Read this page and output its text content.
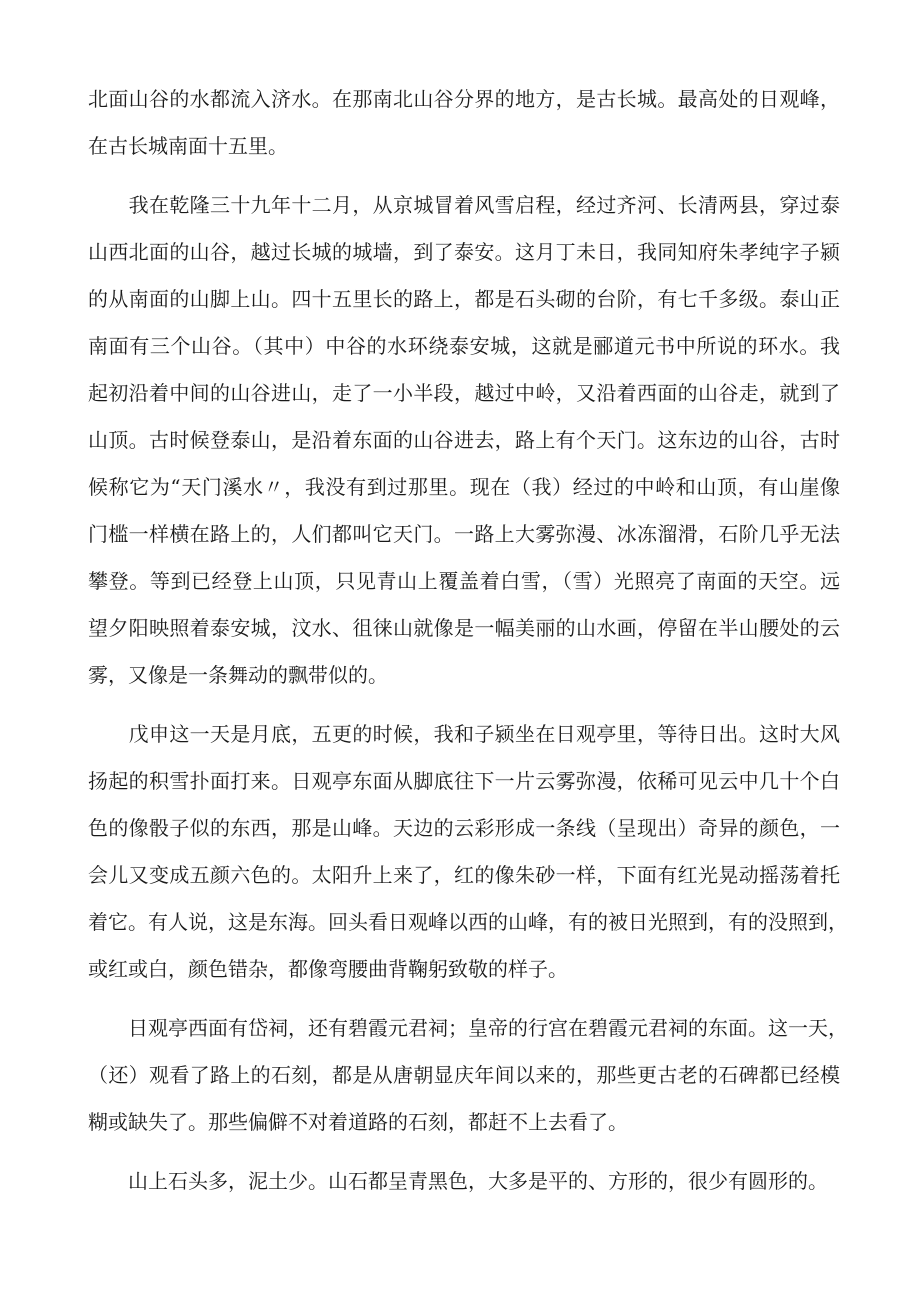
北面山谷的水都流入济水。在那南北山谷分界的地方，是古长城。最高处的日观峰，
在古长城南面十五里。
　　我在乾隆三十九年十二月，从京城冒着风雪启程，经过齐河、长清两县，穿过泰
山西北面的山谷，越过长城的城墙，到了泰安。这月丁未日，我同知府朱孝纯字子颍
的从南面的山脚上山。四十五里长的路上，都是石头砌的台阶，有七千多级。泰山正
南面有三个山谷。（其中）中谷的水环绕泰安城，这就是郦道元书中所说的环水。我
起初沿着中间的山谷进山，走了一小半段，越过中岭，又沿着西面的山谷走，就到了
山顶。古时候登泰山，是沿着东面的山谷进去，路上有个天门。这东边的山谷，古时
候称它为“天门溪水〃，我没有到过那里。现在（我）经过的中岭和山顶，有山崖像
门槛一样横在路上的，人们都叫它天门。一路上大雾弥漫、冰冻溜滑，石阶几乎无法
攀登。等到已经登上山顶，只见青山上覆盖着白雪，（雪）光照亮了南面的天空。远
望夕阳映照着泰安城，汶水、徂徕山就像是一幅美丽的山水画，停留在半山腰处的云
雾，又像是一条舞动的飘带似的。
　　戊申这一天是月底，五更的时候，我和子颍坐在日观亭里，等待日出。这时大风
扬起的积雪扑面打来。日观亭东面从脚底往下一片云雾弥漫，依稀可见云中几十个白
色的像骰子似的东西，那是山峰。天边的云彩形成一条线（呈现出）奇异的颜色，一
会儿又变成五颜六色的。太阳升上来了，红的像朱砂一样，下面有红光晃动摇荡着托
着它。有人说，这是东海。回头看日观峰以西的山峰，有的被日光照到，有的没照到，
或红或白，颜色错杂，都像弯腰曲背鞠躬致敬的样子。
　　日观亭西面有岱祠，还有碧霞元君祠；皇帝的行宫在碧霞元君祠的东面。这一天，
（还）观看了路上的石刻，都是从唐朝显庆年间以来的，那些更古老的石碑都已经模
糊或缺失了。那些偏僻不对着道路的石刻，都赶不上去看了。
　　山上石头多，泥土少。山石都呈青黑色，大多是平的、方形的，很少有圆形的。
